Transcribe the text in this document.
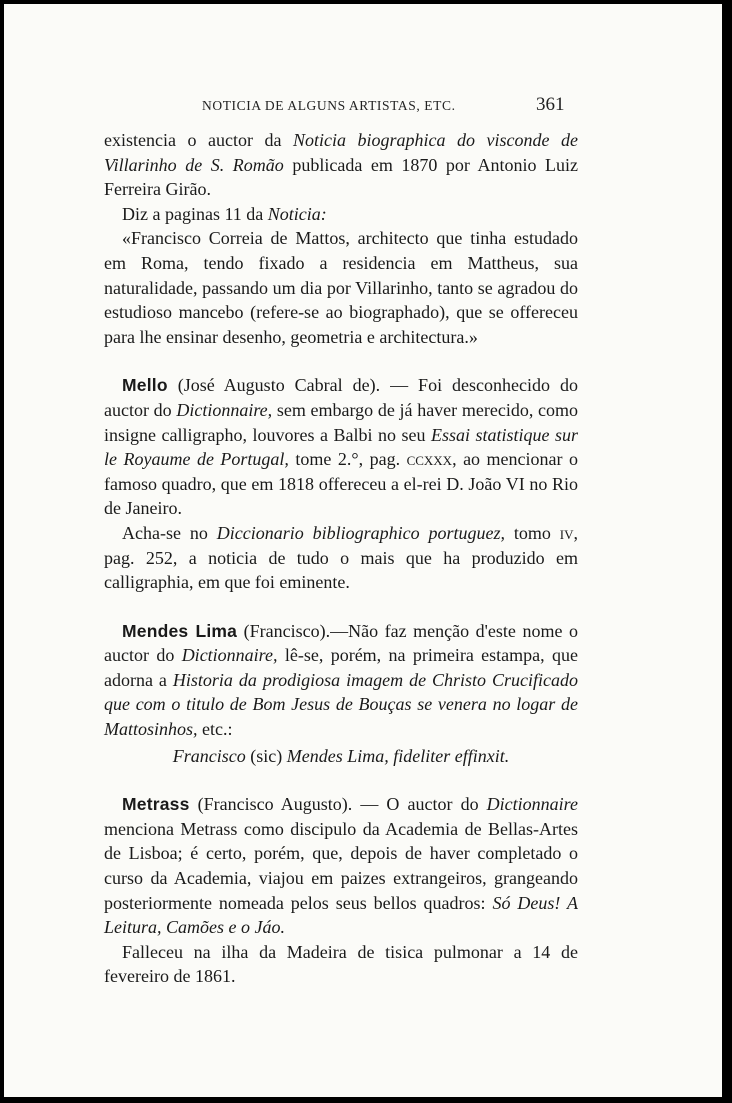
NOTICIA DE ALGUNS ARTISTAS, ETC.	361

existencia o auctor da Noticia biographica do visconde de Villarinho de S. Romão publicada em 1870 por Antonio Luiz Ferreira Girão.

Diz a paginas 11 da Noticia:

«Francisco Correia de Mattos, architecto que tinha estudado em Roma, tendo fixado a residencia em Mattheus, sua naturalidade, passando um dia por Villarinho, tanto se agradou do estudioso mancebo (refere-se ao biographado), que se offereceu para lhe ensinar desenho, geometria e architectura.»

Mello (José Augusto Cabral de). — Foi desconhecido do auctor do Dictionnaire, sem embargo de já haver merecido, como insigne calligrapho, louvores a Balbi no seu Essai statistique sur le Royaume de Portugal, tome 2.°, pag. ccxxx, ao mencionar o famoso quadro, que em 1818 offereceu a el-rei D. João VI no Rio de Janeiro.

Acha-se no Diccionario bibliographico portuguez, tomo iv, pag. 252, a noticia de tudo o mais que ha produzido em calligraphia, em que foi eminente.

Mendes Lima (Francisco).—Não faz menção d'este nome o auctor do Dictionnaire, lê-se, porém, na primeira estampa, que adorna a Historia da prodigiosa imagem de Christo Crucificado que com o titulo de Bom Jesus de Bouças se venera no logar de Mattosinhos, etc.:

Francisco (sic) Mendes Lima, fideliter effinxit.

Metrass (Francisco Augusto). — O auctor do Dictionnaire menciona Metrass como discipulo da Academia de Bellas-Artes de Lisboa; é certo, porém, que, depois de haver completado o curso da Academia, viajou em paizes extrangeiros, grangeando posteriormente nomeada pelos seus bellos quadros: Só Deus! A Leitura, Camões e o Jáo.

Falleceu na ilha da Madeira de tisica pulmonar a 14 de fevereiro de 1861.
